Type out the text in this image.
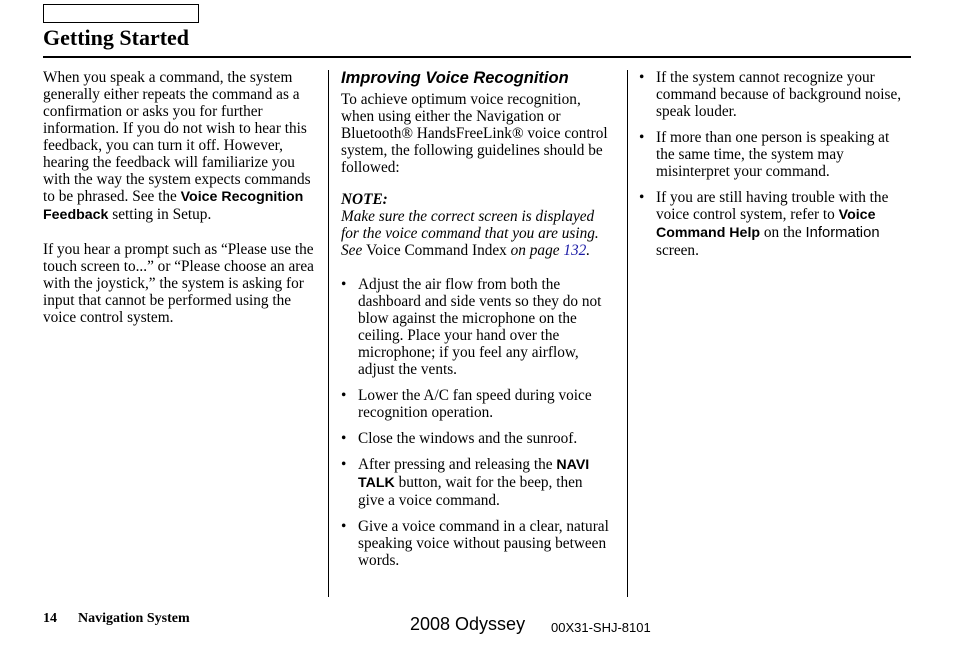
Getting Started

When you speak a command, the system generally either repeats the command as a confirmation or asks you for further information. If you do not wish to hear this feedback, you can turn it off. However, hearing the feedback will familiarize you with the way the system expects commands to be phrased. See the Voice Recognition Feedback setting in Setup.

If you hear a prompt such as “Please use the touch screen to...” or “Please choose an area with the joystick,” the system is asking for input that cannot be performed using the voice control system.

Improving Voice Recognition

To achieve optimum voice recognition, when using either the Navigation or Bluetooth® HandsFreeLink® voice control system, the following guidelines should be followed:

NOTE:

Make sure the correct screen is displayed for the voice command that you are using. See Voice Command Index on page 132.

• Adjust the air flow from both the dashboard and side vents so they do not blow against the microphone on the ceiling. Place your hand over the microphone; if you feel any airflow, adjust the vents.
• Lower the A/C fan speed during voice recognition operation.
• Close the windows and the sunroof.
• After pressing and releasing the NAVI TALK button, wait for the beep, then give a voice command.
• Give a voice command in a clear, natural speaking voice without pausing between words.
• If the system cannot recognize your command because of background noise, speak louder.
• If more than one person is speaking at the same time, the system may misinterpret your command.
• If you are still having trouble with the voice control system, refer to Voice Command Help on the Information screen.
14 Navigation System	2008 Odyssey 00X31-SHJ-8101
